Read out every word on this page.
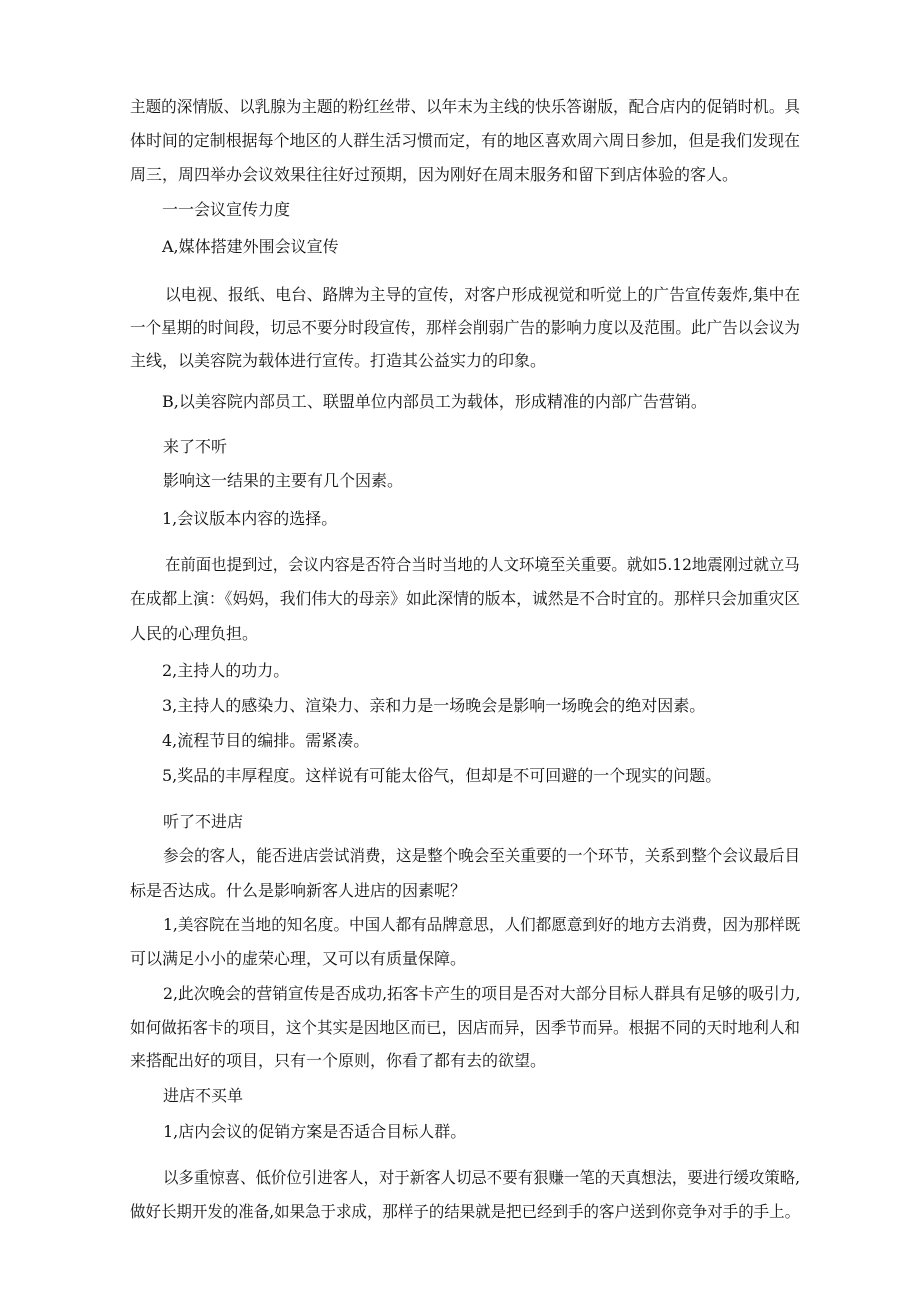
主题的深情版、以乳腺为主题的粉红丝带、以年末为主线的快乐答谢版，配合店内的促销时机。具

体时间的定制根据每个地区的人群生活习惯而定，有的地区喜欢周六周日参加，但是我们发现在

周三，周四举办会议效果往往好过预期，因为刚好在周末服务和留下到店体验的客人。

一一会议宣传力度

A,媒体搭建外围会议宣传

以电视、报纸、电台、路牌为主导的宣传，对客户形成视觉和听觉上的广告宣传轰炸,集中在

一个星期的时间段，切忌不要分时段宣传，那样会削弱广告的影响力度以及范围。此广告以会议为

主线，以美容院为载体进行宣传。打造其公益实力的印象。

B,以美容院内部员工、联盟单位内部员工为载体，形成精准的内部广告营销。

来了不听

影响这一结果的主要有几个因素。

1,会议版本内容的选择。

在前面也提到过，会议内容是否符合当时当地的人文环境至关重要。就如5.12地震刚过就立马

在成都上演：《妈妈，我们伟大的母亲》如此深情的版本，诚然是不合时宜的。那样只会加重灾区

人民的心理负担。

2,主持人的功力。

3,主持人的感染力、渲染力、亲和力是一场晚会是影响一场晚会的绝对因素。

4,流程节目的编排。需紧凑。

5,奖品的丰厚程度。这样说有可能太俗气，但却是不可回避的一个现实的问题。

听了不进店

参会的客人，能否进店尝试消费，这是整个晚会至关重要的一个环节，关系到整个会议最后目

标是否达成。什么是影响新客人进店的因素呢？

1,美容院在当地的知名度。中国人都有品牌意思，人们都愿意到好的地方去消费，因为那样既

可以满足小小的虚荣心理，又可以有质量保障。

2,此次晚会的营销宣传是否成功,拓客卡产生的项目是否对大部分目标人群具有足够的吸引力,

如何做拓客卡的项目，这个其实是因地区而已，因店而异，因季节而异。根据不同的天时地利人和

来搭配出好的项目，只有一个原则，你看了都有去的欲望。

进店不买单

1,店内会议的促销方案是否适合目标人群。

以多重惊喜、低价位引进客人，对于新客人切忌不要有狠赚一笔的天真想法，要进行缓攻策略,

做好长期开发的准备,如果急于求成，那样子的结果就是把已经到手的客户送到你竞争对手的手上。
